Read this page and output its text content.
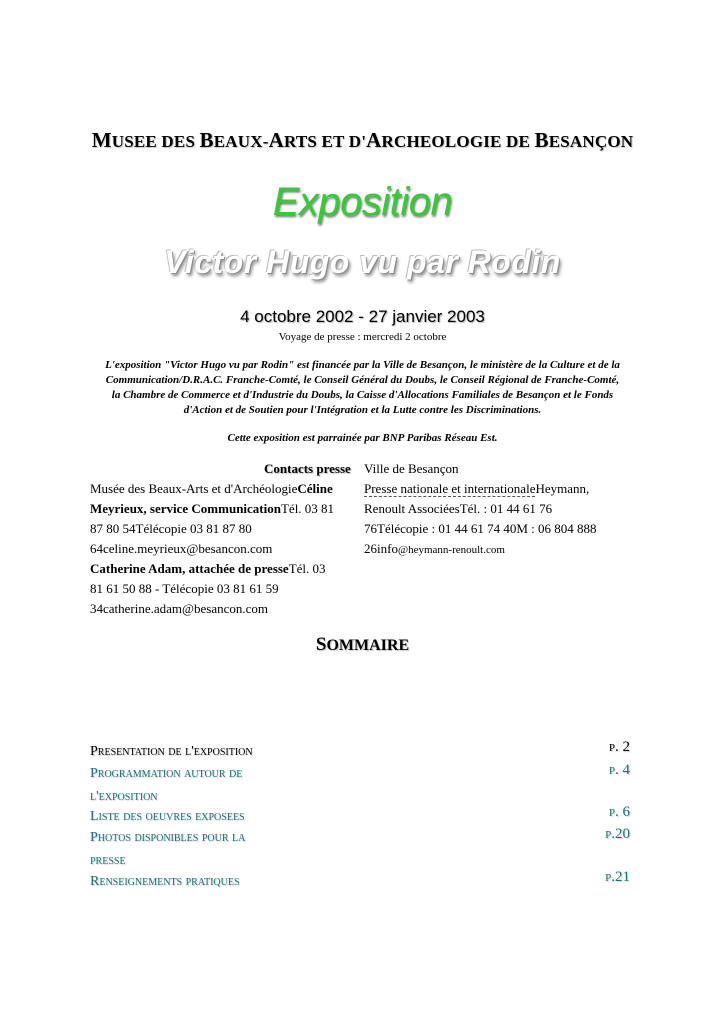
MUSEE DES BEAUX-ARTS ET D'ARCHEOLOGIE DE BESANÇON
Exposition
Victor Hugo vu par Rodin
4 octobre 2002 - 27 janvier 2003
Voyage de presse : mercredi 2 octobre
L'exposition "Victor Hugo vu par Rodin" est financée par la Ville de Besançon, le ministère de la Culture et de la
Communication/D.R.A.C. Franche-Comté, le Conseil Général du Doubs, le Conseil Régional de Franche-Comté,
la Chambre de Commerce et d'Industrie du Doubs, la Caisse d'Allocations Familiales de Besançon et le Fonds
d'Action et de Soutien pour l'Intégration et la Lutte contre les Discriminations.
Cette exposition est parrainée par BNP Paribas Réseau Est.
Contacts presse
Musée des Beaux-Arts et d'ArchéologieCéline
Meyrieux, service CommunicationTél. 03 81
87 80 54Télécopie 03 81 87 80
64celine.meyrieux@besancon.com
Catherine Adam, attachée de presseTél. 03
81 61 50 88 - Télécopie 03 81 61 59
34catherine.adam@besancon.com
Ville de Besançon
Presse nationale et internationaleHeymann,
Renoult AssociéesTél. : 01 44 61 76
76Télécopie : 01 44 61 74 40M : 06 804 888
26info@heymann-renoult.com
SOMMAIRE
Presentation de l'exposition	p. 2
Programmation autour de
l'exposition
p. 4
Liste des oeuvres exposees	p. 6
Photos disponibles pour la
presse
p.20
Renseignements pratiques	p.21
